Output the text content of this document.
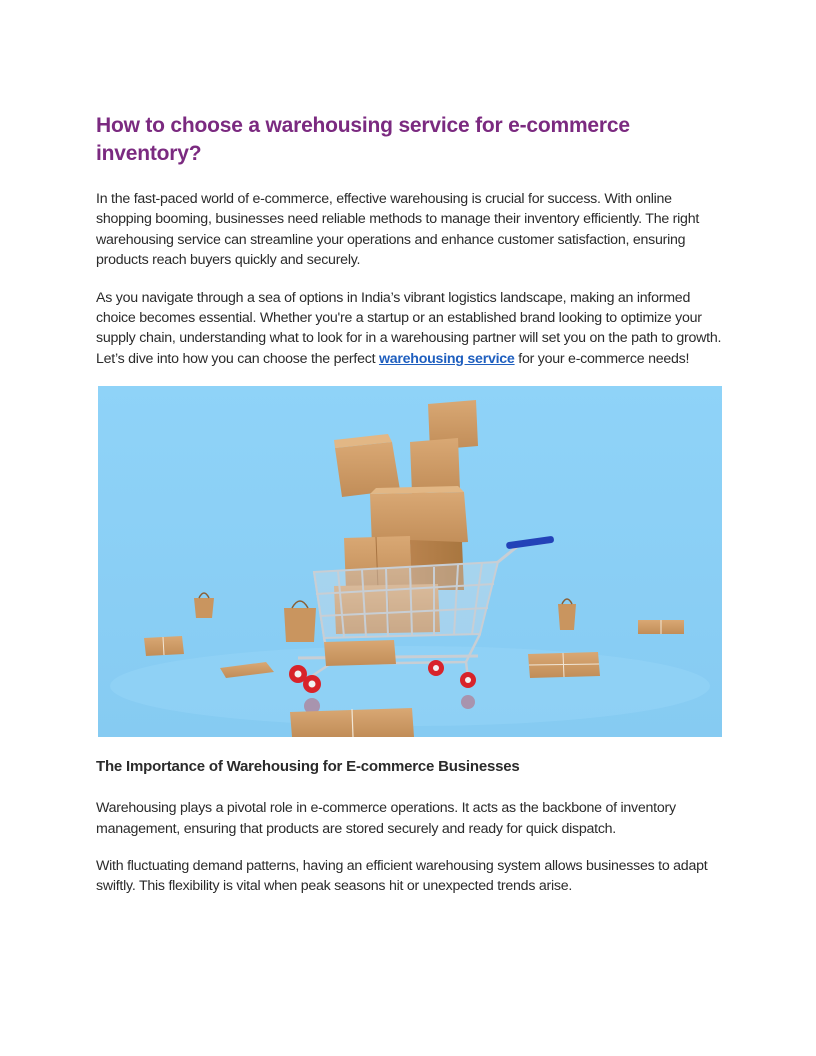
How to choose a warehousing service for e-commerce inventory?

In the fast-paced world of e-commerce, effective warehousing is crucial for success. With online shopping booming, businesses need reliable methods to manage their inventory efficiently. The right warehousing service can streamline your operations and enhance customer satisfaction, ensuring products reach buyers quickly and securely.

As you navigate through a sea of options in India’s vibrant logistics landscape, making an informed choice becomes essential. Whether you're a startup or an established brand looking to optimize your supply chain, understanding what to look for in a warehousing partner will set you on the path to growth. Let’s dive into how you can choose the perfect warehousing service for your e-commerce needs!

The Importance of Warehousing for E-commerce Businesses

Warehousing plays a pivotal role in e-commerce operations. It acts as the backbone of inventory management, ensuring that products are stored securely and ready for quick dispatch.

With fluctuating demand patterns, having an efficient warehousing system allows businesses to adapt swiftly. This flexibility is vital when peak seasons hit or unexpected trends arise.
